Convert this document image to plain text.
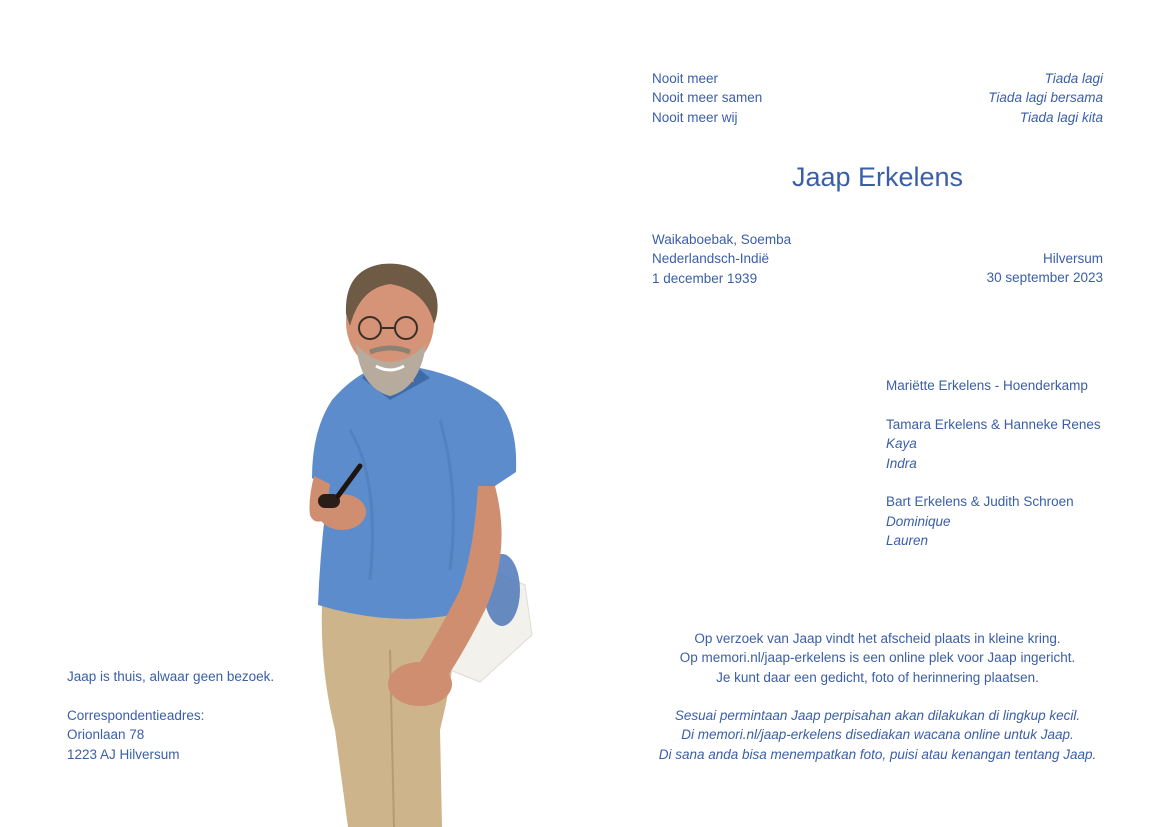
Nooit meer
Nooit meer samen
Nooit meer wij
Tiada lagi
Tiada lagi bersama
Tiada lagi kita
Jaap Erkelens
Waikaboebak, Soemba
Nederlandsch-Indië
1 december 1939
Hilversum
30 september 2023
Mariëtte Erkelens - Hoenderkamp
Tamara Erkelens & Hanneke Renes
Kaya
Indra
Bart Erkelens & Judith Schroen
Dominique
Lauren
Op verzoek van Jaap vindt het afscheid plaats in kleine kring.
Op memori.nl/jaap-erkelens is een online plek voor Jaap ingericht.
Je kunt daar een gedicht, foto of herinnering plaatsen.
Sesuai permintaan Jaap perpisahan akan dilakukan di lingkup kecil.
Di memori.nl/jaap-erkelens disediakan wacana online untuk Jaap.
Di sana anda bisa menempatkan foto, puisi atau kenangan tentang Jaap.
Jaap is thuis, alwaar geen bezoek.
Correspondentieadres:
Orionlaan 78
1223 AJ Hilversum
